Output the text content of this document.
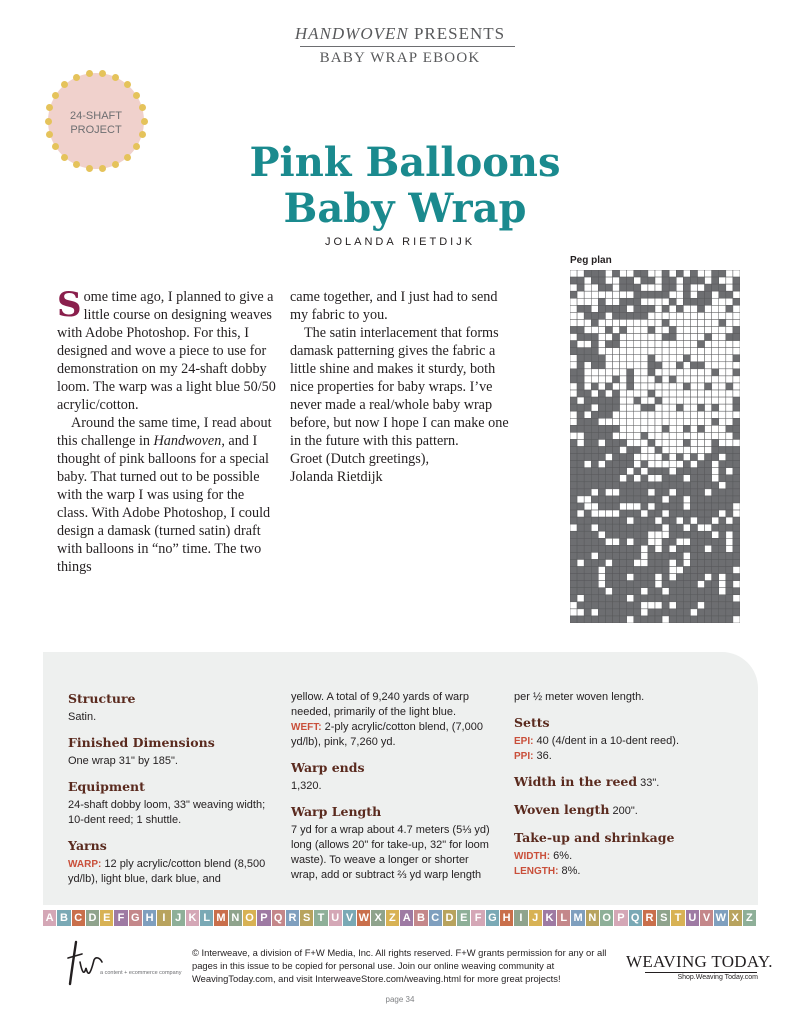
HANDWOVEN PRESENTS
BABY WRAP EBOOK
24-SHAFT
PROJECT
Pink Balloons
Baby Wrap
JOLANDA RIETDIJK

Some time ago, I planned to give a little course on designing weaves with Adobe Photoshop. For this, I designed and wove a piece to use for demonstration on my 24-shaft dobby loom. The warp was a light blue 50/50 acrylic/cotton.

Around the same time, I read about this challenge in Handwoven, and I thought of pink balloons for a special baby. That turned out to be possible with the warp I was using for the class. With Adobe Photoshop, I could design a damask (turned satin) draft with balloons in “no” time. The two things

came together, and I just had to send my fabric to you.

The satin interlacement that forms damask patterning gives the fabric a little shine and makes it sturdy, both nice properties for baby wraps. I’ve never made a real/whole baby wrap before, but now I hope I can make one in the future with this pattern.

Groet (Dutch greetings),
Jolanda Rietdijk

Peg plan
Structure
Satin.
Finished Dimensions
One wrap 31" by 185".
Equipment
24-shaft dobby loom, 33" weaving width; 10-dent reed; 1 shuttle.
Yarns
WARP: 12 ply acrylic/cotton blend (8,500 yd/lb), light blue, dark blue, and
yellow. A total of 9,240 yards of warp needed, primarily of the light blue.
WEFT: 2-ply acrylic/cotton blend, (7,000 yd/lb), pink, 7,260 yd.
Warp ends
1,320.
Warp Length
7 yd for a wrap about 4.7 meters (5⅓ yd) long (allows 20" for take-up, 32" for loom waste). To weave a longer or shorter wrap, add or subtract ⅔ yd warp length
per ½ meter woven length.
Setts
EPI: 40 (4/dent in a 10-dent reed).
PPI: 36.
Width in the reed 33".
Woven length 200".
Take-up and shrinkage
WIDTH: 6%.
LENGTH: 8%.
A B C D E F G H I J K L M N O P Q R S T U V W X Z A B C D E F G H I J K L M N O P Q R S T U V W X Z
a content + ecommerce company
© Interweave, a division of F+W Media, Inc. All rights reserved. F+W grants permission for any or all pages in this issue to be copied for personal use. Join our online weaving community at WeavingToday.com, and visit InterweaveStore.com/weaving.html for more great projects!
WEAVING TODAY.
Shop.Weaving Today.com
page 34
